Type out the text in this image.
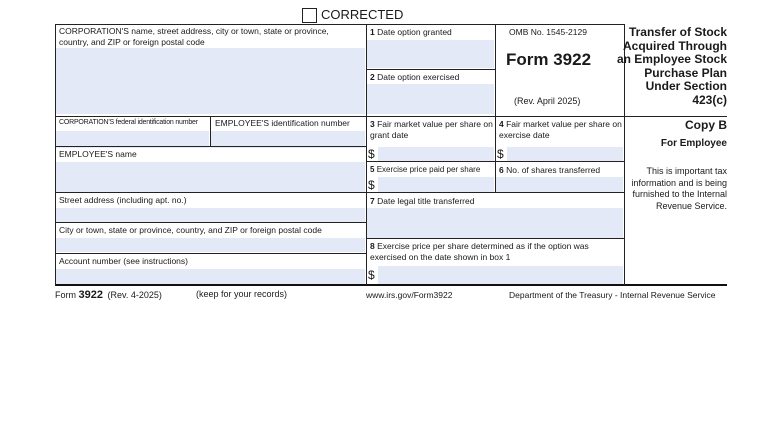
CORRECTED
CORPORATION'S name, street address, city or town, state or province, country, and ZIP or foreign postal code
CORPORATION'S federal identification number EMPLOYEE'S identification number
EMPLOYEE'S name
Street address (including apt. no.)
City or town, state or province, country, and ZIP or foreign postal code
Account number (see instructions)
1 Date option granted
2 Date option exercised
OMB No. 1545-2129
Form 3922
(Rev. April 2025)
Transfer of Stock Acquired Through an Employee Stock Purchase Plan Under Section 423(c)
3 Fair market value per share on grant date
4 Fair market value per share on exercise date
$	$
5 Exercise price paid per share 6 No. of shares transferred
$
7 Date legal title transferred
8 Exercise price per share determined as if the option was exercised on the date shown in box 1
$
Copy B
For Employee
This is important tax information and is being furnished to the Internal Revenue Service.
Form 3922 (Rev. 4-2025)	(keep for your records)	www.irs.gov/Form3922	Department of the Treasury - Internal Revenue Service
